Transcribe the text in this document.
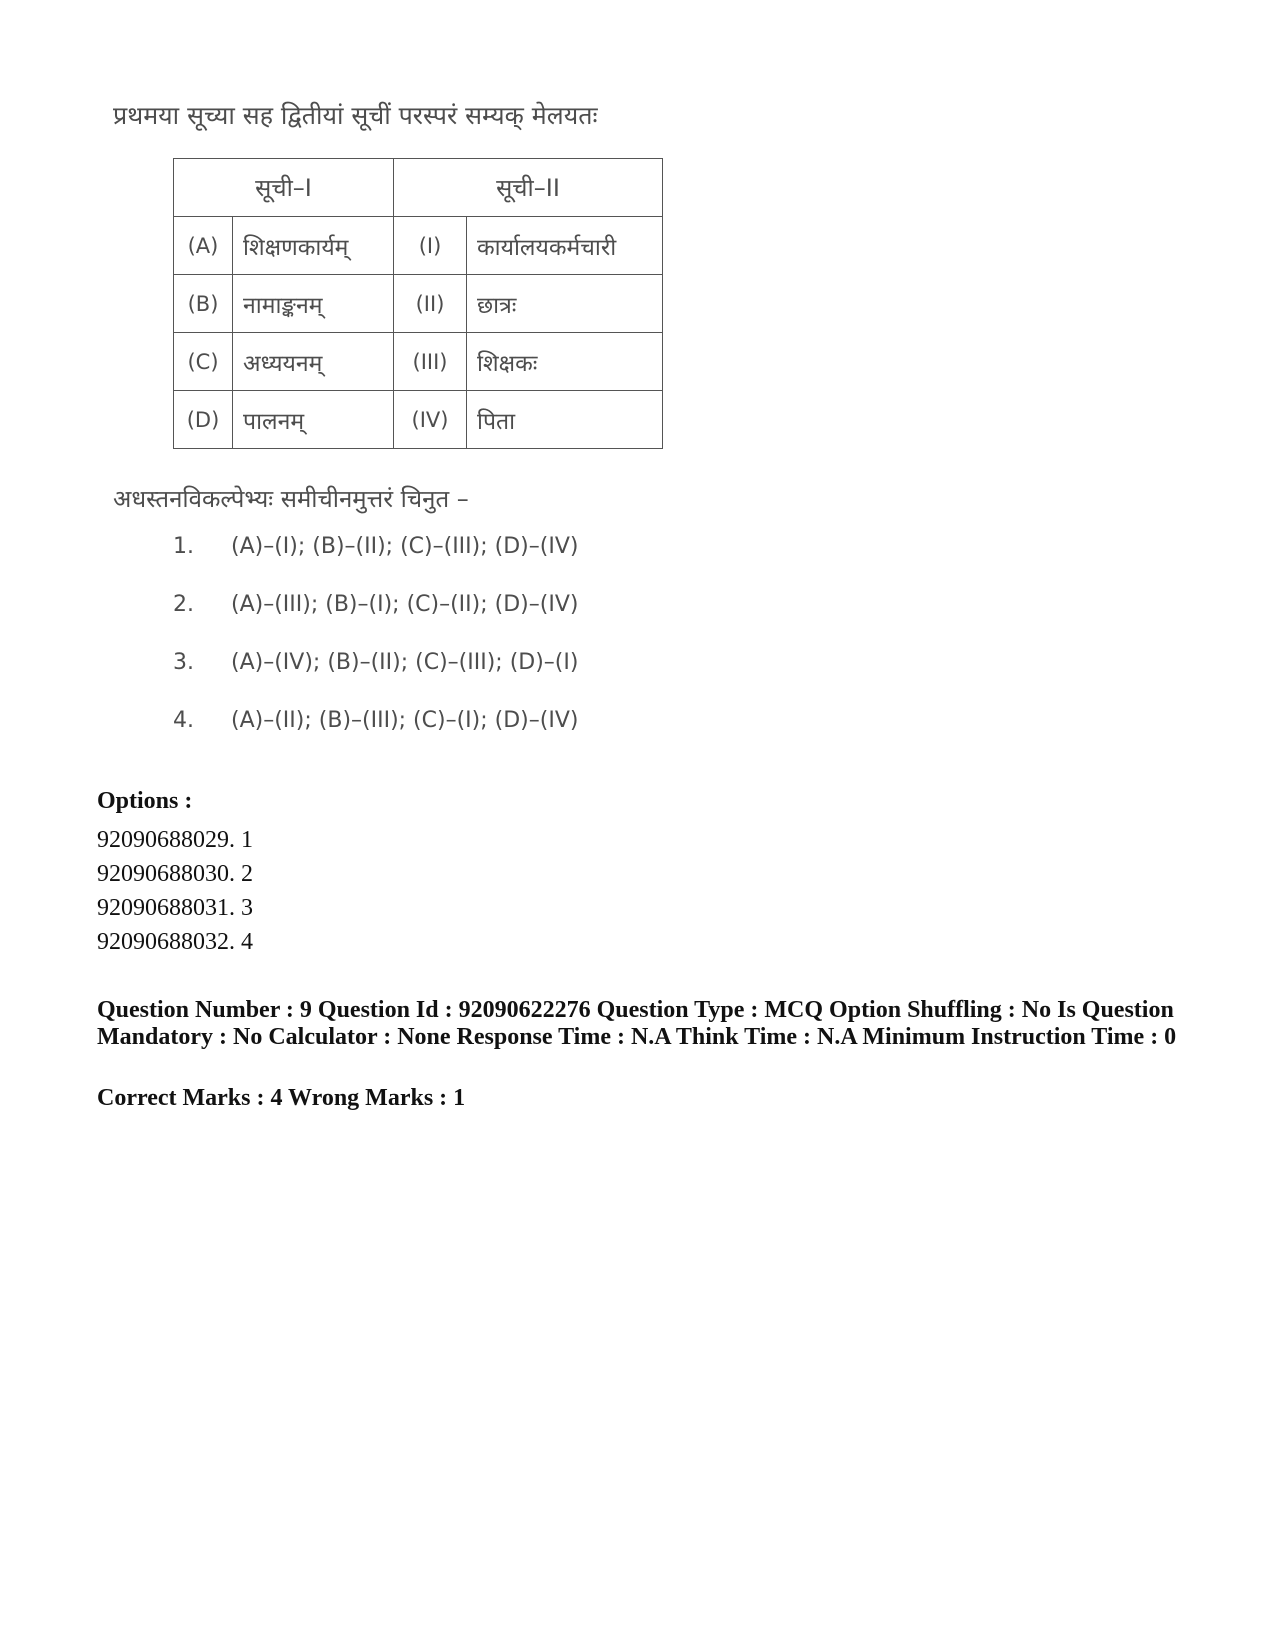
प्रथमया सूच्या सह द्वितीयां सूचीं परस्परं सम्यक् मेलयतः
सूची–I		सूची–II	
(A)	शिक्षणकार्यम्	(I)	कार्यालयकर्मचारी
(B)	नामाङ्कनम्	(II)	छात्रः
(C)	अध्ययनम्	(III)	शिक्षकः
(D)	पालनम्	(IV)	पिता
अधस्तनविकल्पेभ्यः समीचीनमुत्तरं चिनुत –
1.	(A)–(I); (B)–(II); (C)–(III); (D)–(IV)
2.	(A)–(III); (B)–(I); (C)–(II); (D)–(IV)
3.	(A)–(IV); (B)–(II); (C)–(III); (D)–(I)
4.	(A)–(II); (B)–(III); (C)–(I); (D)–(IV)
Options :
92090688029. 1
92090688030. 2
92090688031. 3
92090688032. 4
Question Number : 9 Question Id : 92090622276 Question Type : MCQ Option Shuffling : No Is Question Mandatory : No Calculator : None Response Time : N.A Think Time : N.A Minimum Instruction Time : 0
Correct Marks : 4 Wrong Marks : 1
